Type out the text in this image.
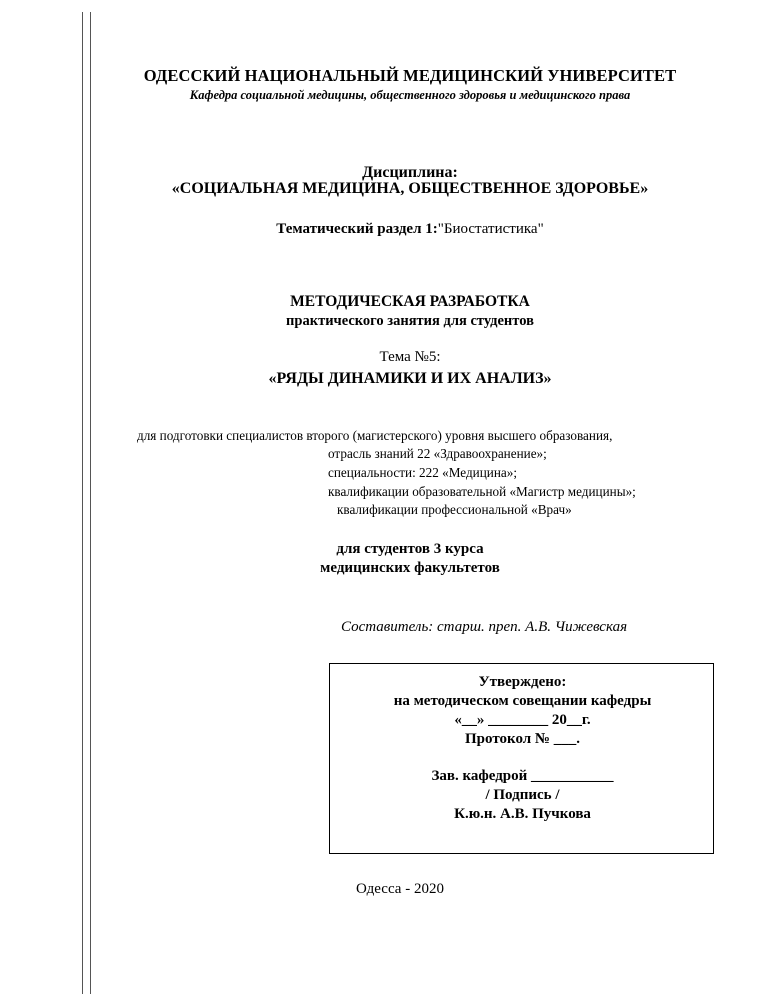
ОДЕССКИЙ НАЦИОНАЛЬНЫЙ МЕДИЦИНСКИЙ УНИВЕРСИТЕТ
Кафедра социальной медицины, общественного здоровья и медицинского права
Дисциплина:
«СОЦИАЛЬНАЯ МЕДИЦИНА, ОБЩЕСТВЕННОЕ ЗДОРОВЬЕ»
Тематический раздел 1:"Биостатистика"
МЕТОДИЧЕСКАЯ РАЗРАБОТКА
практического занятия для студентов
Тема №5:
«РЯДЫ ДИНАМИКИ И ИХ АНАЛИЗ»
для подготовки специалистов второго (магистерского) уровня высшего образования,
отрасль знаний 22 «Здравоохранение»;
специальности: 222 «Медицина»;
квалификации образовательной «Магистр медицины»;
квалификации профессиональной «Врач»
для студентов 3 курса
медицинских факультетов
Составитель: старш. преп. А.В. Чижевская
Утверждено:
на методическом совещании кафедры
«__» ________ 20__г.
Протокол № ___.
Зав. кафедрой ___________
/ Подпись /
К.ю.н. А.В. Пучкова
Одесса - 2020
